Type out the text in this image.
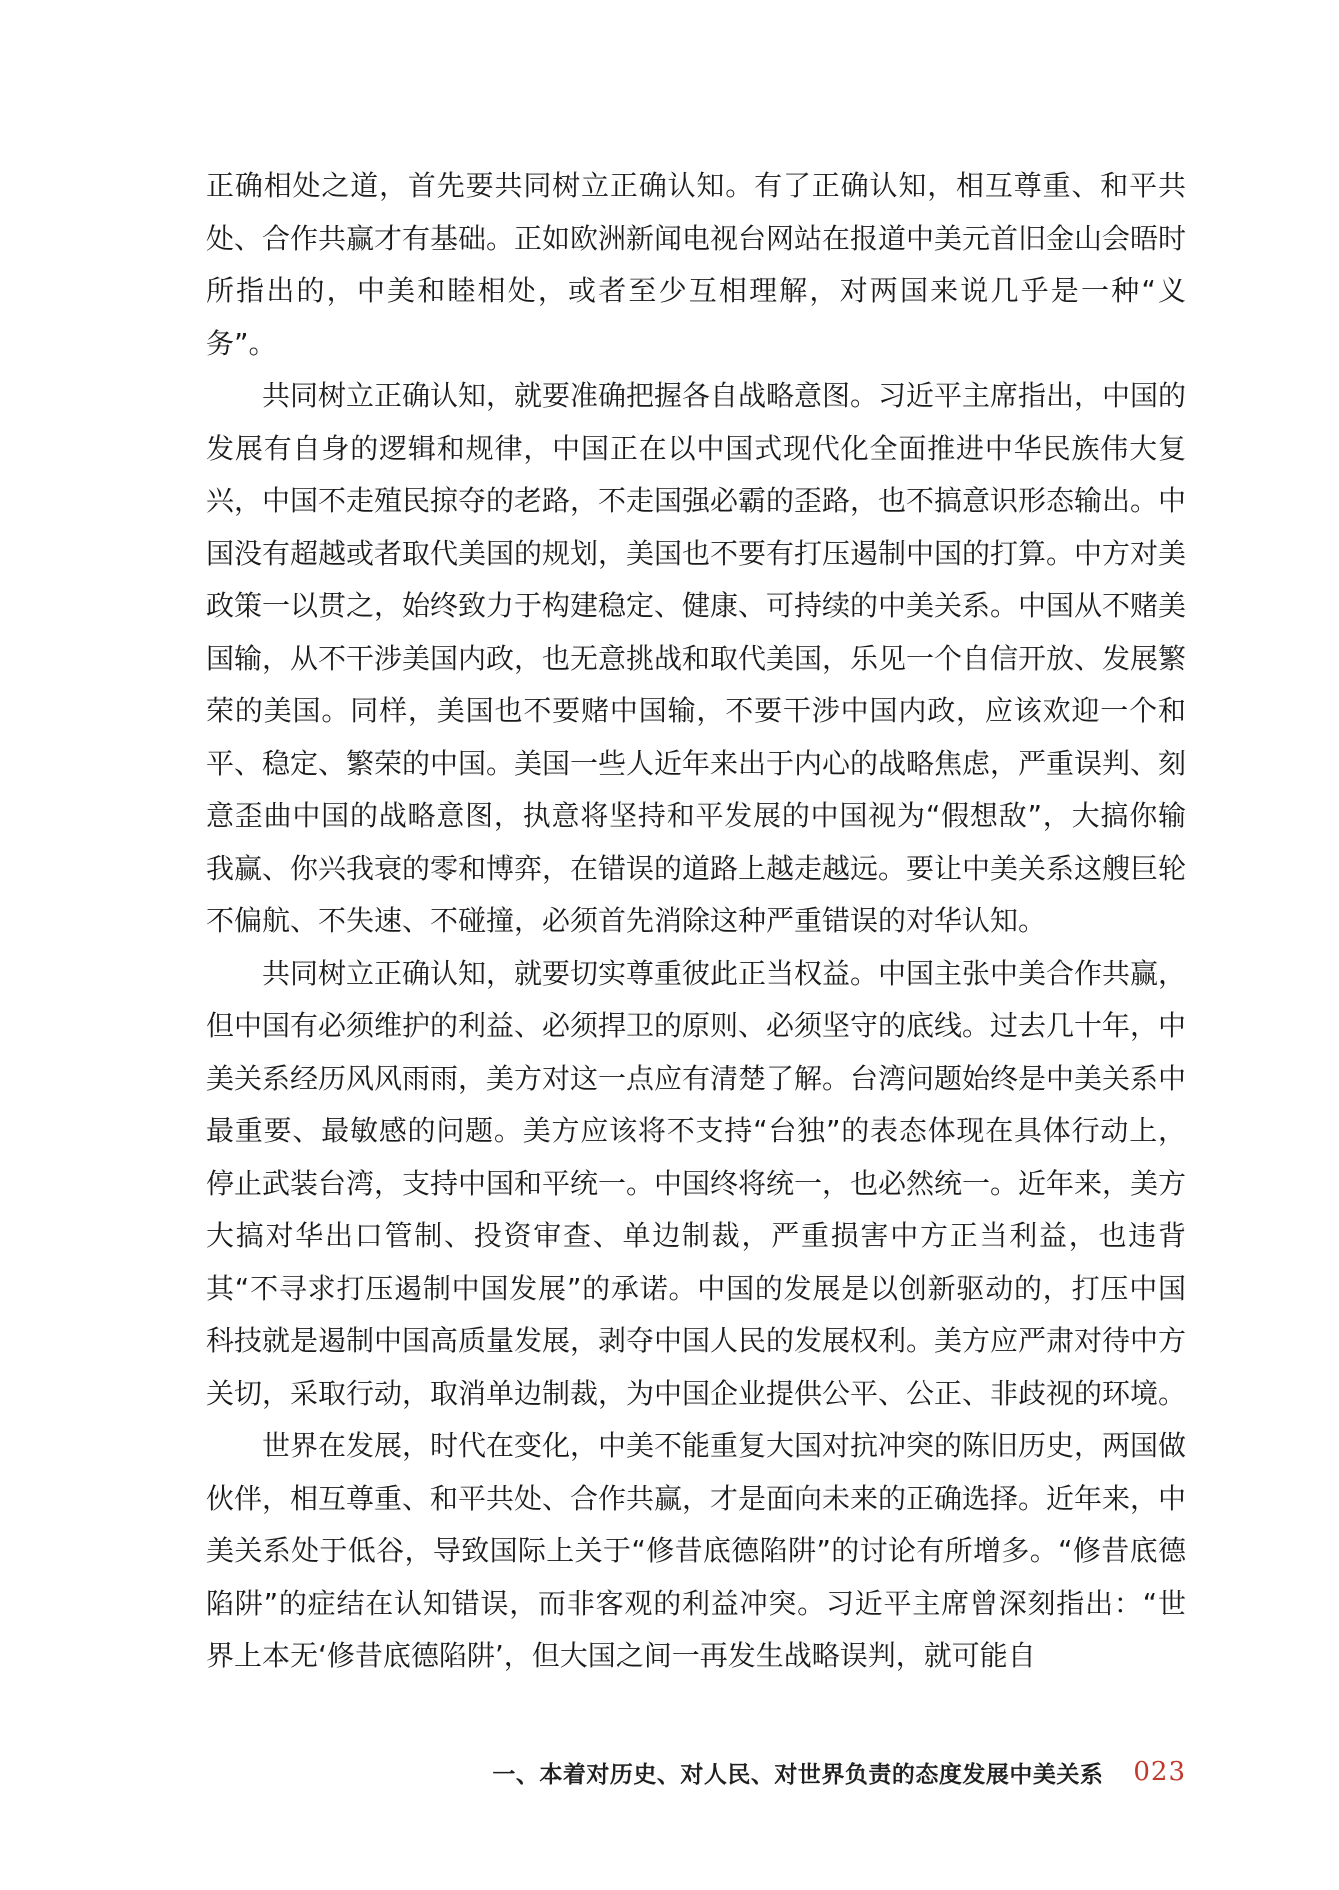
正确相处之道，首先要共同树立正确认知。有了正确认知，相互尊重、和平共处、合作共赢才有基础。正如欧洲新闻电视台网站在报道中美元首旧金山会晤时所指出的，中美和睦相处，或者至少互相理解，对两国来说几乎是一种“义务”。

共同树立正确认知，就要准确把握各自战略意图。习近平主席指出，中国的发展有自身的逻辑和规律，中国正在以中国式现代化全面推进中华民族伟大复兴，中国不走殖民掠夺的老路，不走国强必霸的歪路，也不搞意识形态输出。中国没有超越或者取代美国的规划，美国也不要有打压遏制中国的打算。中方对美政策一以贯之，始终致力于构建稳定、健康、可持续的中美关系。中国从不赌美国输，从不干涉美国内政，也无意挑战和取代美国，乐见一个自信开放、发展繁荣的美国。同样，美国也不要赌中国输，不要干涉中国内政，应该欢迎一个和平、稳定、繁荣的中国。美国一些人近年来出于内心的战略焦虑，严重误判、刻意歪曲中国的战略意图，执意将坚持和平发展的中国视为“假想敌”，大搞你输我赢、你兴我衰的零和博弈，在错误的道路上越走越远。要让中美关系这艘巨轮不偏航、不失速、不碰撞，必须首先消除这种严重错误的对华认知。

共同树立正确认知，就要切实尊重彼此正当权益。中国主张中美合作共赢，但中国有必须维护的利益、必须捍卫的原则、必须坚守的底线。过去几十年，中美关系经历风风雨雨，美方对这一点应有清楚了解。台湾问题始终是中美关系中最重要、最敏感的问题。美方应该将不支持“台独”的表态体现在具体行动上，停止武装台湾，支持中国和平统一。中国终将统一，也必然统一。近年来，美方大搞对华出口管制、投资审查、单边制裁，严重损害中方正当利益，也违背其“不寻求打压遏制中国发展”的承诺。中国的发展是以创新驱动的，打压中国科技就是遏制中国高质量发展，剥夺中国人民的发展权利。美方应严肃对待中方关切，采取行动，取消单边制裁，为中国企业提供公平、公正、非歧视的环境。

世界在发展，时代在变化，中美不能重复大国对抗冲突的陈旧历史，两国做伙伴，相互尊重、和平共处、合作共赢，才是面向未来的正确选择。近年来，中美关系处于低谷，导致国际上关于“修昔底德陷阱”的讨论有所增多。“修昔底德陷阱”的症结在认知错误，而非客观的利益冲突。习近平主席曾深刻指出：“世界上本无‘修昔底德陷阱’，但大国之间一再发生战略误判，就可能自

一、本着对历史、对人民、对世界负责的态度发展中美关系 023
